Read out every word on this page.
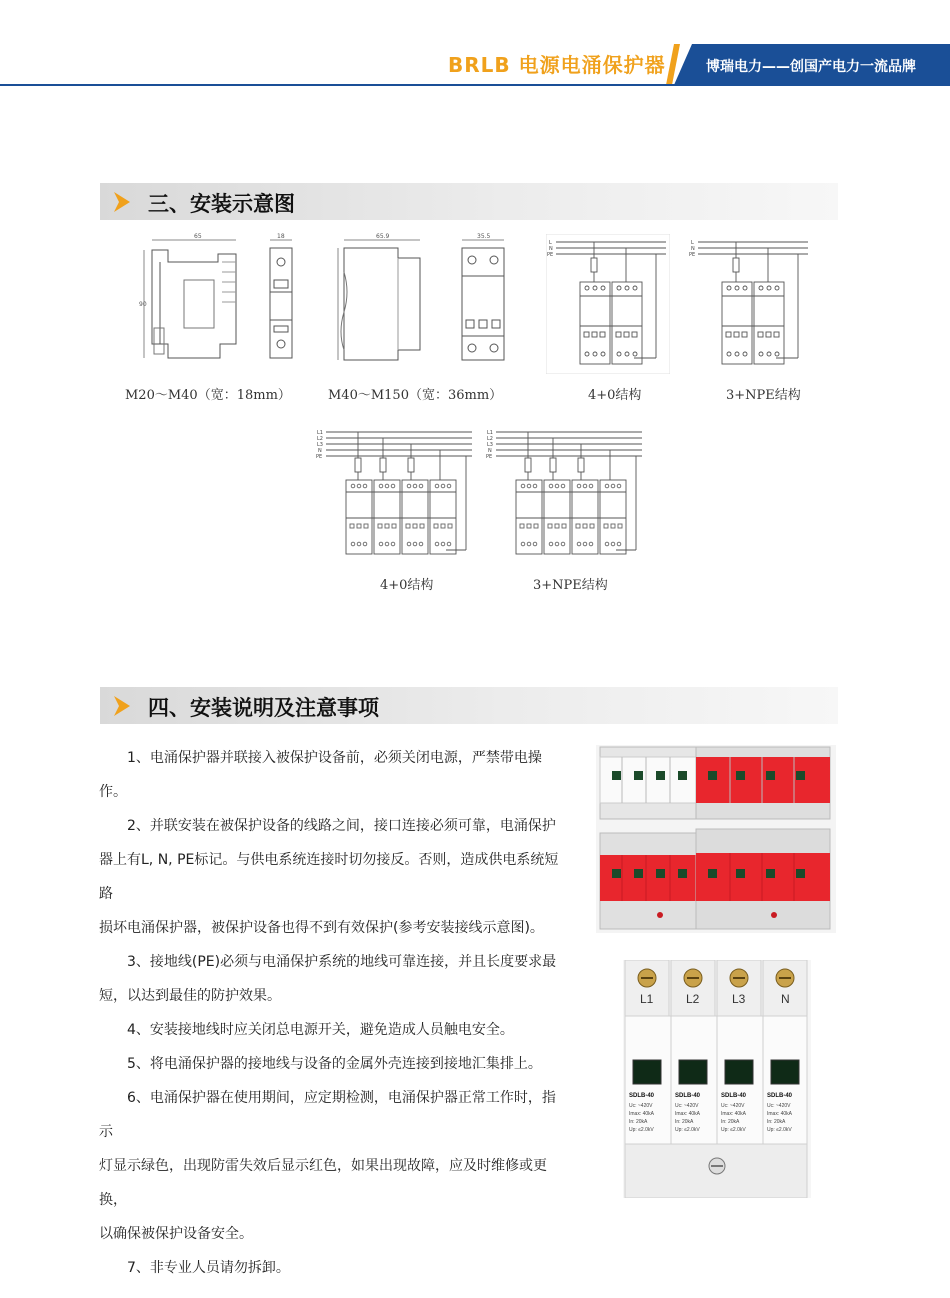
BRLB 电源电涌保护器	博瑞电力——创国产电力一流品牌
三、安装示意图
65
90
18
M20～M40（宽：18mm）
65.9	35.5
M40～M150（宽：36mm）
L
N
PE
4+0结构
L
N
PE
3+NPE结构
L1
L2
L3
N
PE
4+0结构
L1
L2
L3
N
PE
3+NPE结构
四、安装说明及注意事项

1、电涌保护器并联接入被保护设备前，必须关闭电源，严禁带电操作。

2、并联安装在被保护设备的线路之间，接口连接必须可靠，电涌保护

器上有L, N, PE标记。与供电系统连接时切勿接反。否则，造成供电系统短路

损坏电涌保护器，被保护设备也得不到有效保护(参考安装接线示意图)。

3、接地线(PE)必须与电涌保护系统的地线可靠连接，并且长度要求最

短，以达到最佳的防护效果。

4、安装接地线时应关闭总电源开关，避免造成人员触电安全。

5、将电涌保护器的接地线与设备的金属外壳连接到接地汇集排上。

6、电涌保护器在使用期间，应定期检测，电涌保护器正常工作时，指示

灯显示绿色，出现防雷失效后显示红色，如果出现故障，应及时维修或更换，

以确保被保护设备安全。

7、非专业人员请勿拆卸。

L1	L2	L3	N
SDLB-40	SDLB-40	SDLB-40	SDLB-40
Uc: ~420V
Imax: 40kA
In: 20kA
Up: ≤2.0kV
Uc: ~420V
Imax: 40kA
In: 20kA
Up: ≤2.0kV
Uc: ~420V
Imax: 40kA
In: 20kA
Up: ≤2.0kV
Uc: ~420V
Imax: 40kA
In: 20kA
Up: ≤2.0kV
